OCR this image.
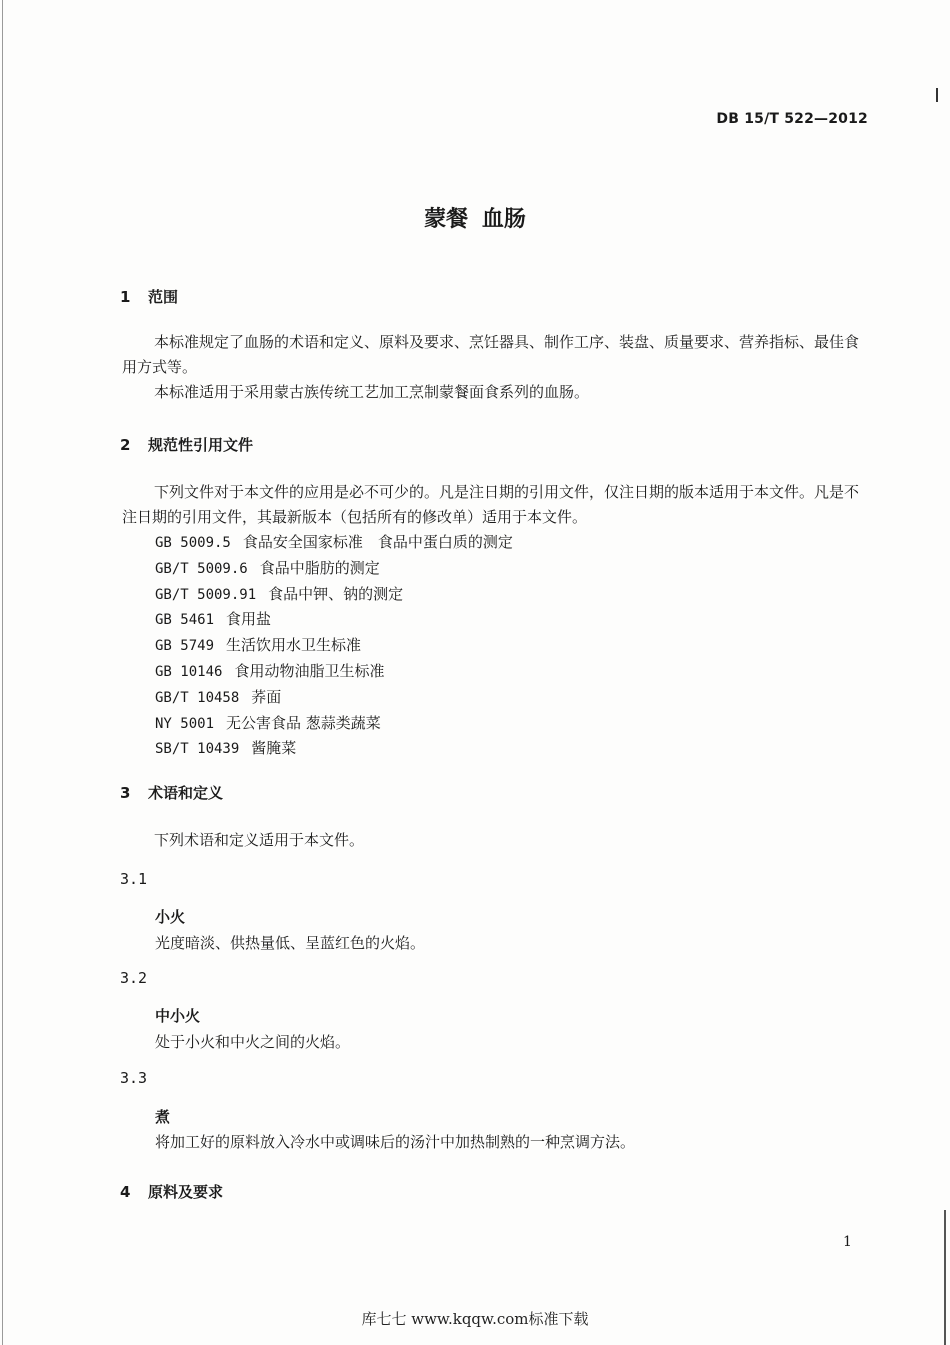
DB 15/T 522—2012
蒙餐 血肠
1 范围
本标准规定了血肠的术语和定义、原料及要求、烹饪器具、制作工序、装盘、质量要求、营养指标、最佳食用方式等。
本标准适用于采用蒙古族传统工艺加工烹制蒙餐面食系列的血肠。
2 规范性引用文件
下列文件对于本文件的应用是必不可少的。凡是注日期的引用文件，仅注日期的版本适用于本文件。凡是不注日期的引用文件，其最新版本（包括所有的修改单）适用于本文件。
GB 5009.5 食品安全国家标准　食品中蛋白质的测定
GB/T 5009.6 食品中脂肪的测定
GB/T 5009.91 食品中钾、钠的测定
GB 5461 食用盐
GB 5749 生活饮用水卫生标准
GB 10146 食用动物油脂卫生标准
GB/T 10458 荞面
NY 5001 无公害食品 葱蒜类蔬菜
SB/T 10439 酱腌菜
3 术语和定义
下列术语和定义适用于本文件。
3.1
小火
光度暗淡、供热量低、呈蓝红色的火焰。
3.2
中小火
处于小火和中火之间的火焰。
3.3
煮
将加工好的原料放入冷水中或调味后的汤汁中加热制熟的一种烹调方法。
4 原料及要求
1
库七七 www.kqqw.com标准下载
